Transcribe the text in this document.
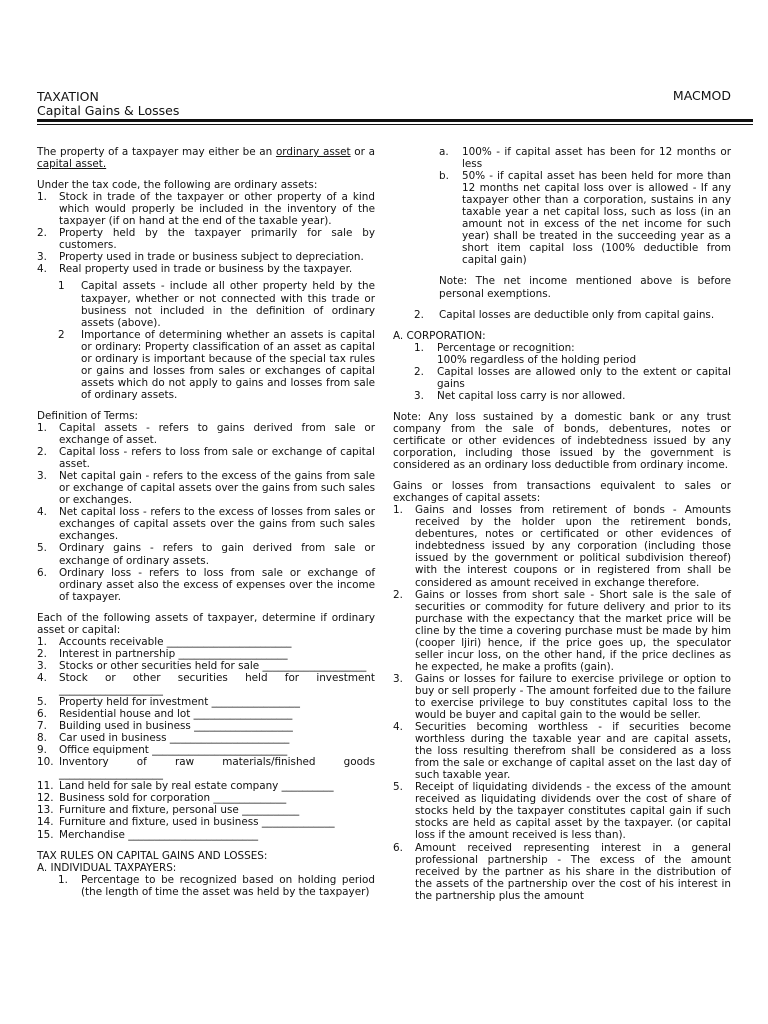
TAXATION
Capital Gains & Losses
MACMOD

The property of a taxpayer may either be an ordinary asset or a capital asset.

Under the tax code, the following are ordinary assets:

1. Stock in trade of the taxpayer or other property of a kind which would properly be included in the inventory of the taxpayer (if on hand at the end of the taxable year).
2. Property held by the taxpayer primarily for sale by customers.
3. Property used in trade or business subject to depreciation.
4. Real property used in trade or business by the taxpayer.
1 Capital assets - include all other property held by the taxpayer, whether or not connected with this trade or business not included in the definition of ordinary assets (above).
2 Importance of determining whether an assets is capital or ordinary: Property classification of an asset as capital or ordinary is important because of the special tax rules or gains and losses from sales or exchanges of capital assets which do not apply to gains and losses from sale of ordinary assets.

Definition of Terms:

1. Capital assets - refers to gains derived from sale or exchange of asset.
2. Capital loss - refers to loss from sale or exchange of capital asset.
3. Net capital gain - refers to the excess of the gains from sale or exchange of capital assets over the gains from such sales or exchanges.
4. Net capital loss - refers to the excess of losses from sales or exchanges of capital assets over the gains from such sales exchanges.
5. Ordinary gains - refers to gain derived from sale or exchange of ordinary assets.
6. Ordinary loss - refers to loss from sale or exchange of ordinary asset also the excess of expenses over the income of taxpayer.

Each of the following assets of taxpayer, determine if ordinary asset or capital:

1. Accounts receivable ________________________
2. Interest in partnership _____________________
3. Stocks or other securities held for sale ____________________
4. Stock or other securities held for investment ____________________
5. Property held for investment _________________
6. Residential house and lot ___________________
7. Building used in business ___________________
8. Car used in business _______________________
9. Office equipment __________________________
10. Inventory of raw materials/finished goods ____________________
11. Land held for sale by real estate company __________
12. Business sold for corporation ______________
13. Furniture and fixture, personal use ___________
14. Furniture and fixture, used in business ______________
15. Merchandise _________________________

TAX RULES ON CAPITAL GAINS AND LOSSES:

A. INDIVIDUAL TAXPAYERS:

1. Percentage to be recognized based on holding period (the length of time the asset was held by the taxpayer)
a. 100% - if capital asset has been for 12 months or less
b. 50% - if capital asset has been held for more than 12 months net capital loss over is allowed - If any taxpayer other than a corporation, sustains in any taxable year a net capital loss, such as loss (in an amount not in excess of the net income for such year) shall be treated in the succeeding year as a short item capital loss (100% deductible from capital gain)

Note: The net income mentioned above is before personal exemptions.

2. Capital losses are deductible only from capital gains.

A. CORPORATION:

1. Percentage or recognition:
100% regardless of the holding period
2. Capital losses are allowed only to the extent or capital gains
3. Net capital loss carry is nor allowed.

Note: Any loss sustained by a domestic bank or any trust company from the sale of bonds, debentures, notes or certificate or other evidences of indebtedness issued by any corporation, including those issued by the government is considered as an ordinary loss deductible from ordinary income.

Gains or losses from transactions equivalent to sales or exchanges of capital assets:

1. Gains and losses from retirement of bonds - Amounts received by the holder upon the retirement bonds, debentures, notes or certificated or other evidences of indebtedness issued by any corporation (including those issued by the government or political subdivision thereof) with the interest coupons or in registered from shall be considered as amount received in exchange therefore.
2. Gains or losses from short sale - Short sale is the sale of securities or commodity for future delivery and prior to its purchase with the expectancy that the market price will be cline by the time a covering purchase must be made by him (cooper ljiri) hence, if the price goes up, the speculator seller incur loss, on the other hand, if the price declines as he expected, he make a profits (gain).
3. Gains or losses for failure to exercise privilege or option to buy or sell properly - The amount forfeited due to the failure to exercise privilege to buy constitutes capital loss to the would be buyer and capital gain to the would be seller.
4. Securities becoming worthless - if securities become worthless during the taxable year and are capital assets, the loss resulting therefrom shall be considered as a loss from the sale or exchange of capital asset on the last day of such taxable year.
5. Receipt of liquidating dividends - the excess of the amount received as liquidating dividends over the cost of share of stocks held by the taxpayer constitutes capital gain if such stocks are held as capital asset by the taxpayer. (or capital loss if the amount received is less than).
6. Amount received representing interest in a general professional partnership - The excess of the amount received by the partner as his share in the distribution of the assets of the partnership over the cost of his interest in the partnership plus the amount
